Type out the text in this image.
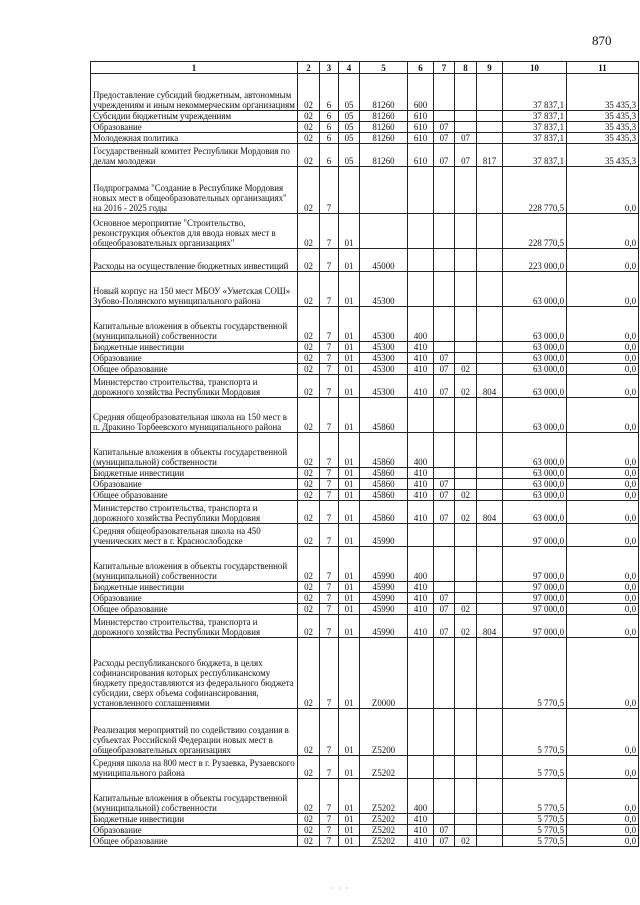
870
1	2	3	4	5	6	7	8	9	10	11
Предоставление субсидий бюджетным, автономным учреждениям и иным некоммерческим организациям	02	6	05	81260	600				37 837,1	35 435,3
Субсидии бюджетным учреждениям	02	6	05	81260	610				37 837,1	35 435,3
Образование	02	6	05	81260	610	07			37 837,1	35 435,3
Молодежная политика	02	6	05	81260	610	07	07		37 837,1	35 435,3
Государственный комитет Республики Мордовия по делам молодежи	02	6	05	81260	610	07	07	817	37 837,1	35 435,3
Подпрограмма "Создание в Республике Мордовия новых мест в общеобразовательных организациях" на 2016 - 2025 годы	02	7							228 770,5	0,0
Основное мероприятие "Строительство, реконструкция объектов для ввода новых мест в общеобразовательных организациях"	02	7	01						228 770,5	0,0
Расходы на осуществление бюджетных инвестиций	02	7	01	45000					223 000,0	0,0
Новый корпус на 150 мест МБОУ «Уметская СОШ» Зубово-Полянского муниципального района	02	7	01	45300					63 000,0	0,0
Капитальные вложения в объекты государственной (муниципальной) собственности	02	7	01	45300	400				63 000,0	0,0
Бюджетные инвестиции	02	7	01	45300	410				63 000,0	0,0
Образование	02	7	01	45300	410	07			63 000,0	0,0
Общее образование	02	7	01	45300	410	07	02		63 000,0	0,0
Министерство строительства, транспорта и дорожного хозяйства Республики Мордовия	02	7	01	45300	410	07	02	804	63 000,0	0,0
Средняя общеобразовательная школа на 150 мест в п. Дракино Торбеевского муниципального района	02	7	01	45860					63 000,0	0,0
Капитальные вложения в объекты государственной (муниципальной) собственности	02	7	01	45860	400				63 000,0	0,0
Бюджетные инвестиции	02	7	01	45860	410				63 000,0	0,0
Образование	02	7	01	45860	410	07			63 000,0	0,0
Общее образование	02	7	01	45860	410	07	02		63 000,0	0,0
Министерство строительства, транспорта и дорожного хозяйства Республики Мордовия	02	7	01	45860	410	07	02	804	63 000,0	0,0
Средняя общеобразовательная школа на 450 ученических мест в г. Краснослободске	02	7	01	45990					97 000,0	0,0
Капитальные вложения в объекты государственной (муниципальной) собственности	02	7	01	45990	400				97 000,0	0,0
Бюджетные инвестиции	02	7	01	45990	410				97 000,0	0,0
Образование	02	7	01	45990	410	07			97 000,0	0,0
Общее образование	02	7	01	45990	410	07	02		97 000,0	0,0
Министерство строительства, транспорта и дорожного хозяйства Республики Мордовия	02	7	01	45990	410	07	02	804	97 000,0	0,0
Расходы республиканского бюджета, в целях софинансирования которых республиканскому бюджету предоставляются из федерального бюджета субсидии, сверх объема софинансирования, установленного соглашениями	02	7	01	Z0000					5 770,5	0,0
Реализация мероприятий по содействию создания в субъектах Российской Федерации новых мест в общеобразовательных организациях	02	7	01	Z5200					5 770,5	0,0
Средняя школа на 800 мест в г. Рузаевка, Рузаевского муниципального района	02	7	01	Z5202					5 770,5	0,0
Капитальные вложения в объекты государственной (муниципальной) собственности	02	7	01	Z5202	400				5 770,5	0,0
Бюджетные инвестиции	02	7	01	Z5202	410				5 770,5	0,0
Образование	02	7	01	Z5202	410	07			5 770,5	0,0
Общее образование	02	7	01	Z5202	410	07	02		5 770,5	0,0
·   ·  ·
